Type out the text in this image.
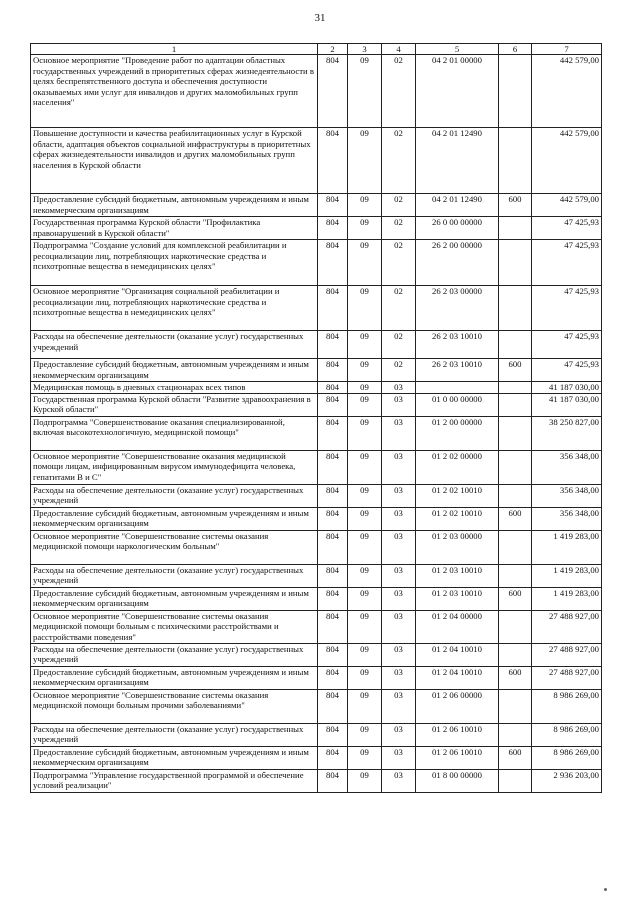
31
1	2	3	4	5	6	7
Основное мероприятие "Проведение работ по адаптации областных государственных учреждений в приоритетных сферах жизнедеятельности в целях беспрепятственного доступа и обеспечения доступности оказываемых ими услуг для инвалидов и других маломобильных групп населения"	804	09	02	04 2 01 00000		442 579,00
Повышение доступности и качества реабилитационных услуг в Курской области, адаптация объектов социальной инфраструктуры в приоритетных сферах жизнедеятельности инвалидов и других маломобильных групп населения в Курской области	804	09	02	04 2 01 12490		442 579,00
Предоставление субсидий бюджетным, автономным учреждениям и иным некоммерческим организациям	804	09	02	04 2 01 12490	600	442 579,00
Государственная программа Курской области "Профилактика правонарушений в Курской области"	804	09	02	26 0 00 00000		47 425,93
Подпрограмма "Создание условий для комплексной реабилитации и ресоциализации лиц, потребляющих наркотические средства и психотропные вещества в немедицинских целях"	804	09	02	26 2 00 00000		47 425,93
Основное мероприятие "Организация социальной реабилитации и ресоциализации лиц, потребляющих наркотические средства и психотропные вещества в немедицинских целях"	804	09	02	26 2 03 00000		47 425,93
Расходы на обеспечение деятельности (оказание услуг) государственных учреждений	804	09	02	26 2 03 10010		47 425,93
Предоставление субсидий бюджетным, автономным учреждениям и иным некоммерческим организациям	804	09	02	26 2 03 10010	600	47 425,93
Медицинская помощь в дневных стационарах всех типов	804	09	03			41 187 030,00
Государственная программа Курской области "Развитие здравоохранения в Курской области"	804	09	03	01 0 00 00000		41 187 030,00
Подпрограмма "Совершенствование оказания специализированной, включая высокотехнологичную, медицинской помощи"	804	09	03	01 2 00 00000		38 250 827,00
Основное мероприятие "Совершенствование оказания медицинской помощи лицам, инфицированным вирусом иммунодефицита человека, гепатитами В и С"	804	09	03	01 2 02 00000		356 348,00
Расходы на обеспечение деятельности (оказание услуг) государственных учреждений	804	09	03	01 2 02 10010		356 348,00
Предоставление субсидий бюджетным, автономным учреждениям и иным некоммерческим организациям	804	09	03	01 2 02 10010	600	356 348,00
Основное мероприятие "Совершенствование системы оказания медицинской помощи наркологическим больным"	804	09	03	01 2 03 00000		1 419 283,00
Расходы на обеспечение деятельности (оказание услуг) государственных учреждений	804	09	03	01 2 03 10010		1 419 283,00
Предоставление субсидий бюджетным, автономным учреждениям и иным некоммерческим организациям	804	09	03	01 2 03 10010	600	1 419 283,00
Основное мероприятие "Совершенствование системы оказания медицинской помощи больным с психическими расстройствами и расстройствами поведения"	804	09	03	01 2 04 00000		27 488 927,00
Расходы на обеспечение деятельности (оказание услуг) государственных учреждений	804	09	03	01 2 04 10010		27 488 927,00
Предоставление субсидий бюджетным, автономным учреждениям и иным некоммерческим организациям	804	09	03	01 2 04 10010	600	27 488 927,00
Основное мероприятие "Совершенствование системы оказания медицинской помощи больным прочими заболеваниями"	804	09	03	01 2 06 00000		8 986 269,00
Расходы на обеспечение деятельности (оказание услуг) государственных учреждений	804	09	03	01 2 06 10010		8 986 269,00
Предоставление субсидий бюджетным, автономным учреждениям и иным некоммерческим организациям	804	09	03	01 2 06 10010	600	8 986 269,00
Подпрограмма "Управление государственной программой и обеспечение условий реализации"	804	09	03	01 8 00 00000		2 936 203,00
